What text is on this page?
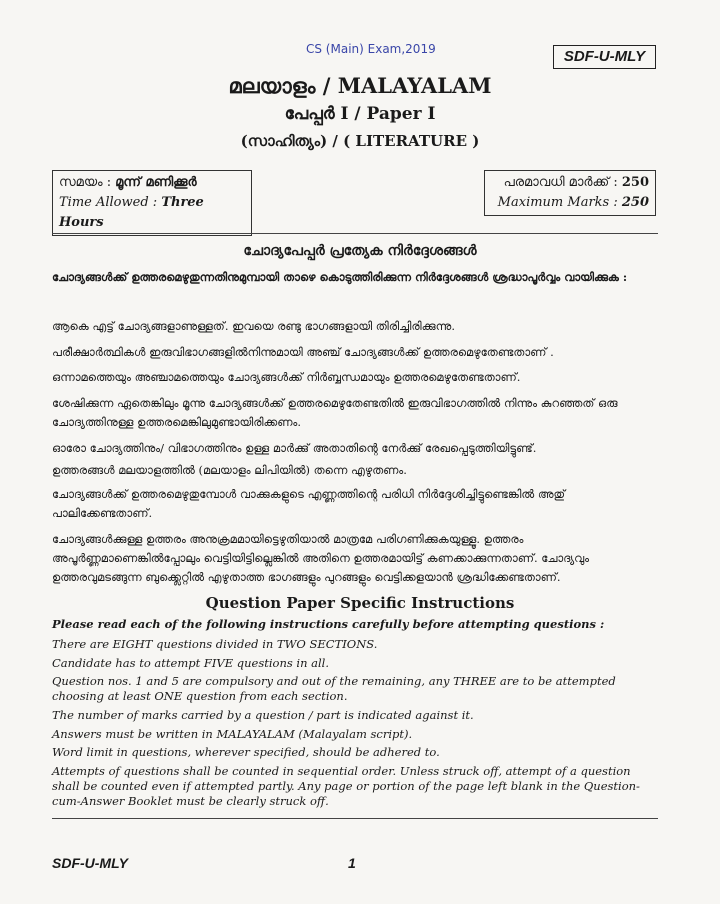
CS (Main) Exam,2019	SDF-U-MLY
മലയാളം / MALAYALAM
പേപ്പർ I / Paper I
(സാഹിത്യം) / ( LITERATURE )
സമയം : മൂന്ന് മണിക്കൂർ
Time Allowed : Three Hours
പരമാവധി മാർക്ക് : 250
Maximum Marks : 250
ചോദ്യപേപ്പർ പ്രത്യേക നിർദ്ദേശങ്ങൾ
ചോദ്യങ്ങൾക്ക് ഉത്തരമെഴുതുന്നതിനുമുമ്പായി താഴെ കൊടുത്തിരിക്കുന്ന നിർദ്ദേശങ്ങൾ ശ്രദ്ധാപൂർവ്വം വായിക്കുക :
ആകെ എട്ട് ചോദ്യങ്ങളാണുള്ളത്. ഇവയെ രണ്ടു ഭാഗങ്ങളായി തിരിച്ചിരിക്കുന്നു.
പരീക്ഷാർത്ഥികൾ ഇരുവിഭാഗങ്ങളിൽനിന്നുമായി അഞ്ച് ചോദ്യങ്ങൾക്ക് ഉത്തരമെഴുതേണ്ടതാണ് .
ഒന്നാമത്തെയും അഞ്ചാമത്തെയും ചോദ്യങ്ങൾക്ക് നിർബ്ബന്ധമായും ഉത്തരമെഴുതേണ്ടതാണ്.
ശേഷിക്കുന്ന ഏതെങ്കിലും മൂന്നു ചോദ്യങ്ങൾക്ക് ഉത്തരമെഴുതേണ്ടതിൽ ഇരുവിഭാഗത്തിൽ നിന്നും കുറഞ്ഞത് ഒരു ചോദ്യത്തിനുള്ള ഉത്തരമെങ്കിലുമുണ്ടായിരിക്കണം.
ഓരോ ചോദ്യത്തിനും/ വിഭാഗത്തിനും ഉള്ള മാർക്കു് അതാതിന്റെ നേർക്കു് രേഖപ്പെടുത്തിയിട്ടുണ്ട്.
ഉത്തരങ്ങൾ മലയാളത്തിൽ (മലയാളം ലിപിയിൽ) തന്നെ എഴുതണം.
ചോദ്യങ്ങൾക്ക് ഉത്തരമെഴുതുമ്പോൾ വാക്കുകളുടെ എണ്ണത്തിന്റെ പരിധി നിർദ്ദേശിച്ചിട്ടുണ്ടെങ്കിൽ അതു് പാലിക്കേണ്ടതാണ്.
ചോദ്യങ്ങൾക്കുള്ള ഉത്തരം അനുക്രമമായിട്ടെഴുതിയാൽ മാത്രമേ പരിഗണിക്കുകയുള്ളൂ. ഉത്തരം അപൂർണ്ണമാണെങ്കിൽപ്പോലും വെട്ടിയിട്ടില്ലെങ്കിൽ അതിനെ ഉത്തരമായിട്ട് കണക്കാക്കുന്നതാണ്. ചോദ്യവും ഉത്തരവുമടങ്ങുന്ന ബുക്ക്ലെറ്റിൽ എഴുതാത്ത ഭാഗങ്ങളും പുറങ്ങളും വെട്ടിക്കളയാൻ ശ്രദ്ധിക്കേണ്ടതാണ്.
Question Paper Specific Instructions
Please read each of the following instructions carefully before attempting questions :
There are EIGHT questions divided in TWO SECTIONS.
Candidate has to attempt FIVE questions in all.
Question nos. 1 and 5 are compulsory and out of the remaining, any THREE are to be attempted choosing at least ONE question from each section.
The number of marks carried by a question / part is indicated against it.
Answers must be written in MALAYALAM (Malayalam script).
Word limit in questions, wherever specified, should be adhered to.
Attempts of questions shall be counted in sequential order. Unless struck off, attempt of a question shall be counted even if attempted partly. Any page or portion of the page left blank in the Question-cum-Answer Booklet must be clearly struck off.
SDF-U-MLY	1
